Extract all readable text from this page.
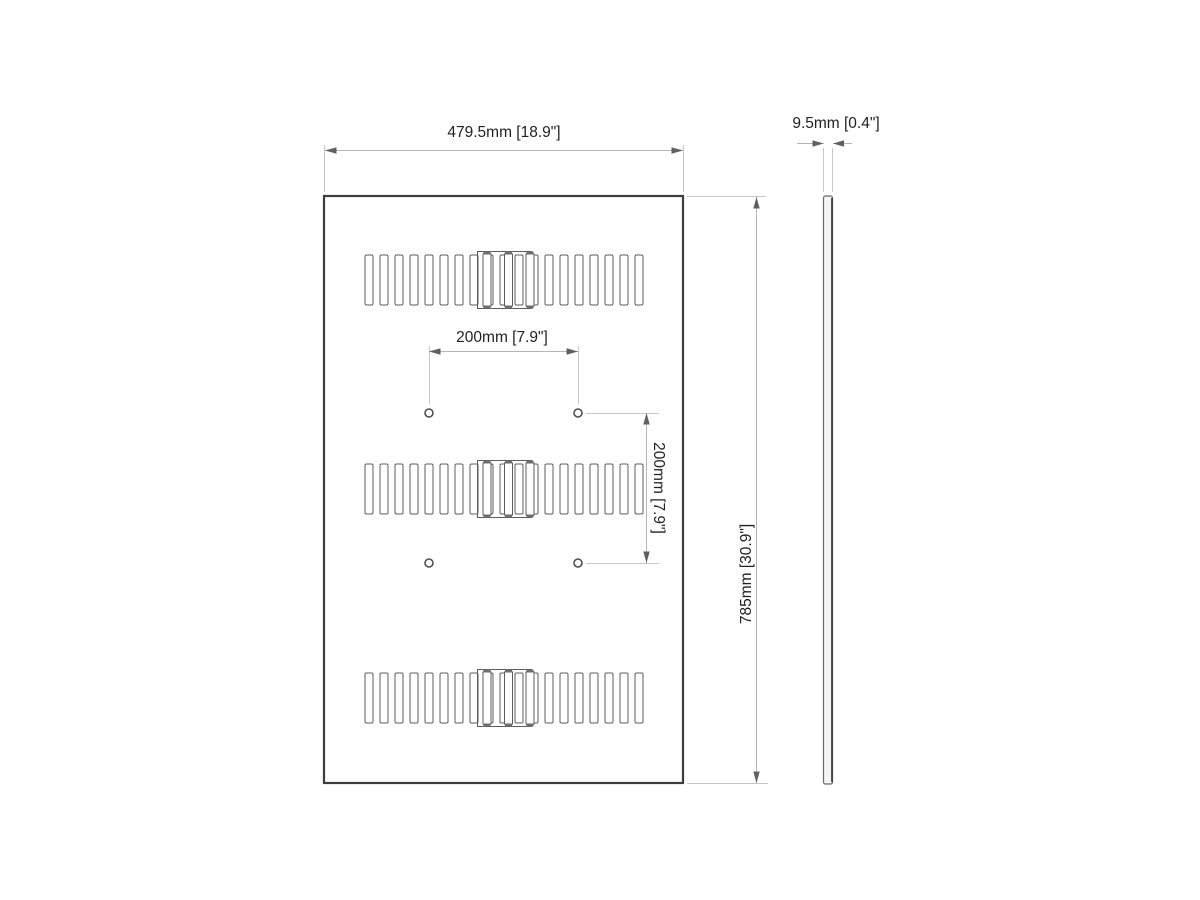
479.5mm [18.9"]
9.5mm [0.4"]
200mm [7.9"]
200mm [7.9"]
785mm [30.9"]
